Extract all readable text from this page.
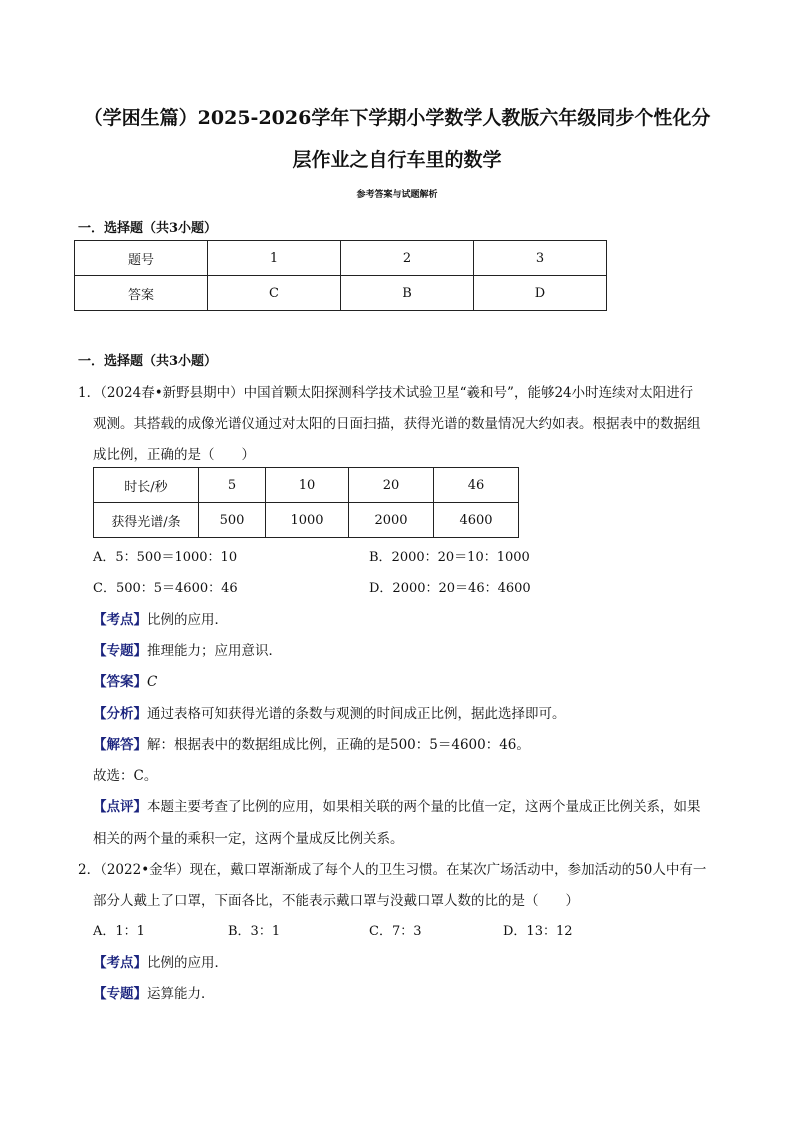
（学困生篇）2025-2026学年下学期小学数学人教版六年级同步个性化分
层作业之自行车里的数学
参考答案与试题解析
一．选择题（共3小题）
题号	1	2	3
答案	C	B	D
一．选择题（共3小题）
1．（2024春•新野县期中）中国首颗太阳探测科学技术试验卫星“羲和号”，能够24小时连续对太阳进行
观测。其搭载的成像光谱仪通过对太阳的日面扫描，获得光谱的数量情况大约如表。根据表中的数据组
成比例，正确的是（　　）
时长/秒	5	10	20	46
获得光谱/条	500	1000	2000	4600
A．5：500＝1000：10	B．2000：20＝10：1000
C．500：5＝4600：46	D．2000：20＝46：4600
【考点】比例的应用．
【专题】推理能力；应用意识．
【答案】C
【分析】通过表格可知获得光谱的条数与观测的时间成正比例，据此选择即可。
【解答】解：根据表中的数据组成比例，正确的是500：5＝4600：46。
故选：C。
【点评】本题主要考查了比例的应用，如果相关联的两个量的比值一定，这两个量成正比例关系，如果
相关的两个量的乘积一定，这两个量成反比例关系。
2．（2022•金华）现在，戴口罩渐渐成了每个人的卫生习惯。在某次广场活动中，参加活动的50人中有一
部分人戴上了口罩，下面各比，不能表示戴口罩与没戴口罩人数的比的是（　　）
A．1：1	B．3：1	C．7：3	D．13：12
【考点】比例的应用．
【专题】运算能力．
